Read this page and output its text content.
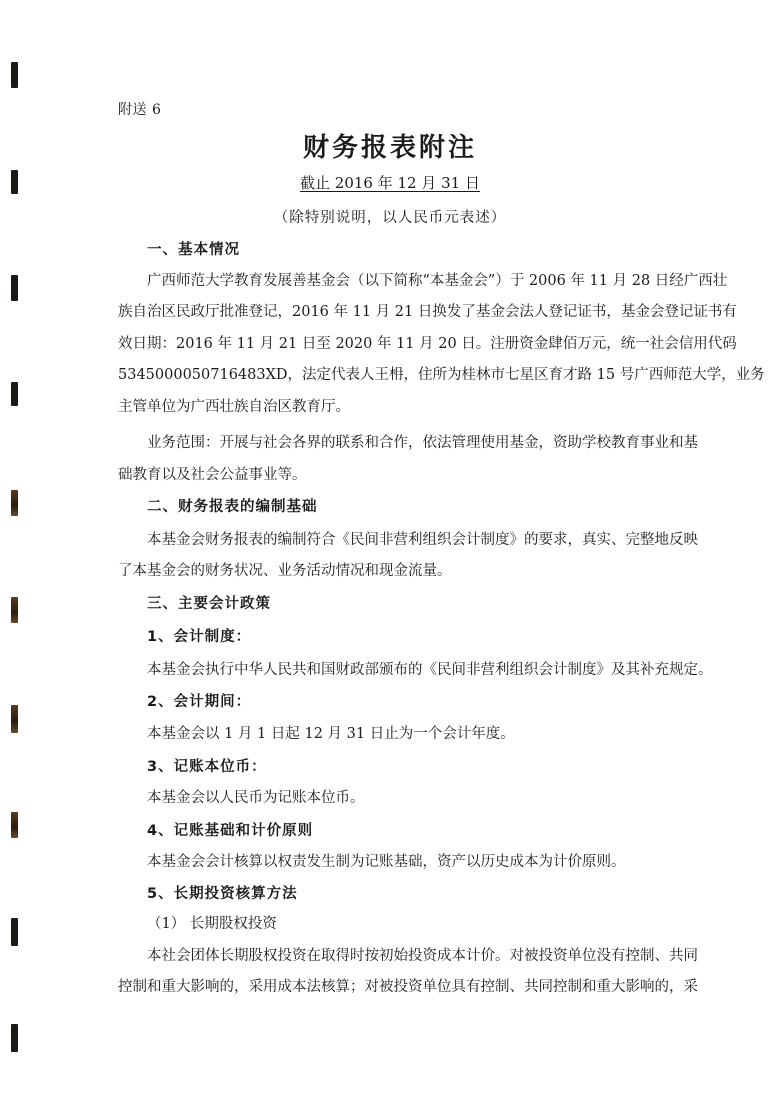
附送 6
财务报表附注
截止 2016 年 12 月 31 日
（除特别说明，以人民币元表述）
一、基本情况
广西师范大学教育发展善基金会（以下简称“本基金会”）于 2006 年 11 月 28 日经广西壮
族自治区民政厅批准登记，2016 年 11 月 21 日换发了基金会法人登记证书，基金会登记证书有
效日期：2016 年 11 月 21 日至 2020 年 11 月 20 日。注册资金肆佰万元，统一社会信用代码
5345000050716483XD，法定代表人王枏，住所为桂林市七星区育才路 15 号广西师范大学，业务
主管单位为广西壮族自治区教育厅。
业务范围：开展与社会各界的联系和合作，依法管理使用基金，资助学校教育事业和基
础教育以及社会公益事业等。
二、财务报表的编制基础
本基金会财务报表的编制符合《民间非营利组织会计制度》的要求，真实、完整地反映
了本基金会的财务状况、业务活动情况和现金流量。
三、主要会计政策
1、会计制度：
本基金会执行中华人民共和国财政部颁布的《民间非营利组织会计制度》及其补充规定。
2、会计期间：
本基金会以 1 月 1 日起 12 月 31 日止为一个会计年度。
3、记账本位币：
本基金会以人民币为记账本位币。
4、记账基础和计价原则
本基金会会计核算以权责发生制为记账基础，资产以历史成本为计价原则。
5、长期投资核算方法
（1） 长期股权投资
本社会团体长期股权投资在取得时按初始投资成本计价。对被投资单位没有控制、共同
控制和重大影响的，采用成本法核算；对被投资单位具有控制、共同控制和重大影响的，采
